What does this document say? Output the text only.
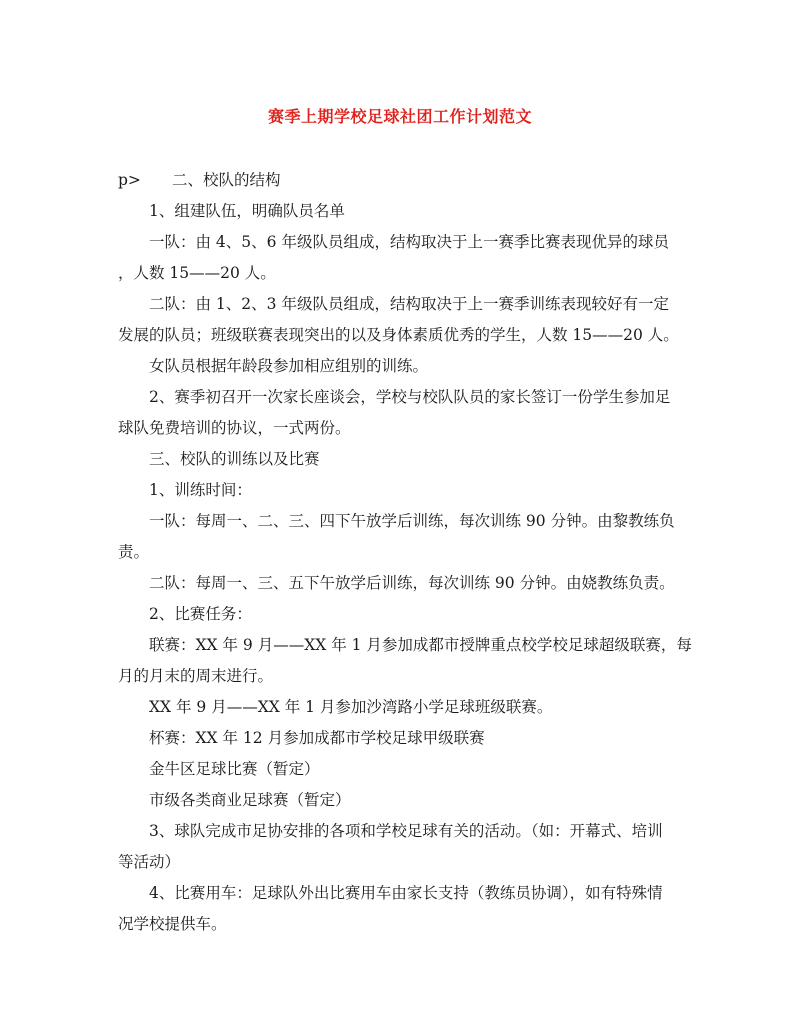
赛季上期学校足球社团工作计划范文
p> 二、校队的结构
1、组建队伍，明确队员名单
一队：由 4、5、6 年级队员组成，结构取决于上一赛季比赛表现优异的球员
，人数 15——20 人。
二队：由 1、2、3 年级队员组成，结构取决于上一赛季训练表现较好有一定
发展的队员；班级联赛表现突出的以及身体素质优秀的学生，人数 15——20 人。
女队员根据年龄段参加相应组别的训练。
2、赛季初召开一次家长座谈会，学校与校队队员的家长签订一份学生参加足
球队免费培训的协议，一式两份。
三、校队的训练以及比赛
1、训练时间：
一队：每周一、二、三、四下午放学后训练，每次训练 90 分钟。由黎教练负
责。
二队：每周一、三、五下午放学后训练，每次训练 90 分钟。由娆教练负责。
2、比赛任务：
联赛：XX 年 9 月——XX 年 1 月参加成都市授牌重点校学校足球超级联赛，每
月的月末的周末进行。
XX 年 9 月——XX 年 1 月参加沙湾路小学足球班级联赛。
杯赛：XX 年 12 月参加成都市学校足球甲级联赛
金牛区足球比赛（暂定）
市级各类商业足球赛（暂定）
3、球队完成市足协安排的各项和学校足球有关的活动。（如：开幕式、培训
等活动）
4、比赛用车：足球队外出比赛用车由家长支持（教练员协调），如有特殊情
况学校提供车。
